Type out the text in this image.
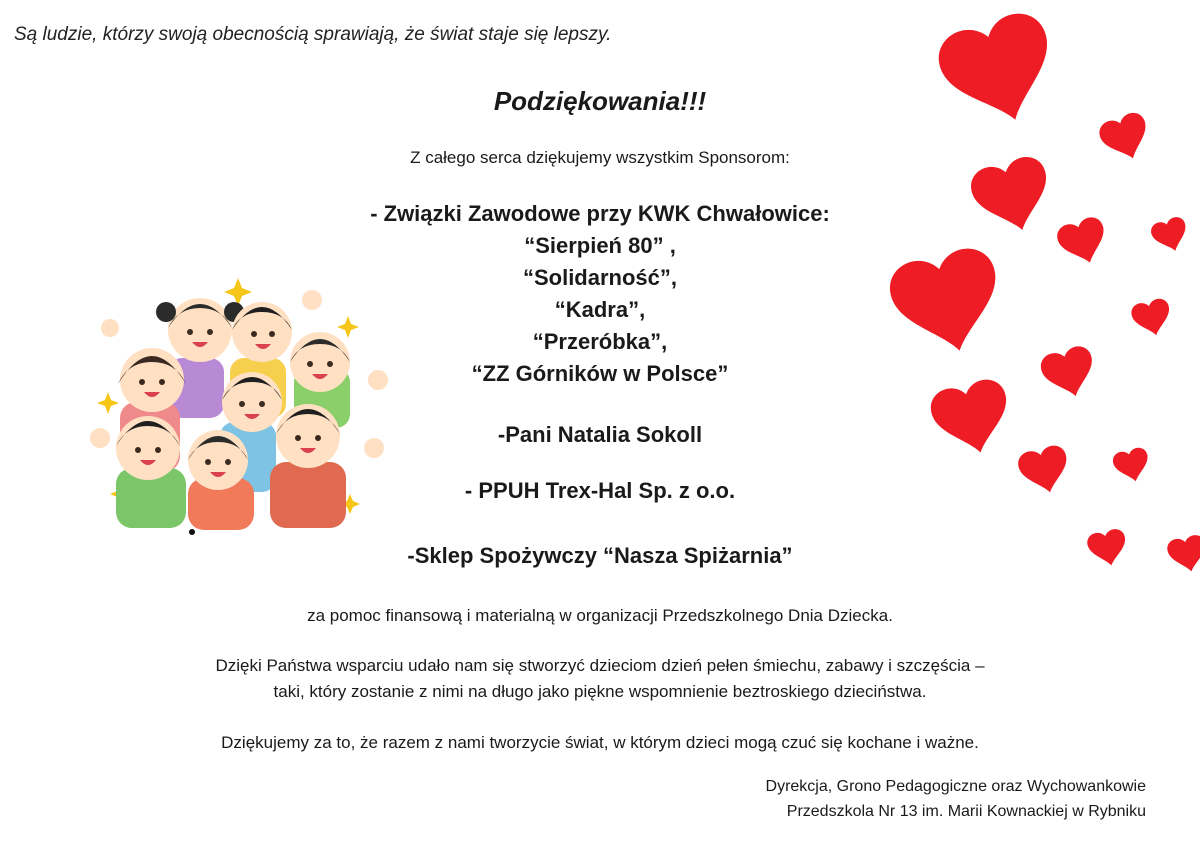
Są ludzie, którzy swoją obecnością sprawiają, że świat staje się lepszy.
Podziękowania!!!
Z całego serca dziękujemy wszystkim Sponsorom:
- Związki Zawodowe przy KWK Chwałowice:
“Sierpień 80” ,
“Solidarność”,
“Kadra”,
“Przeróbka”,
“ZZ Górników w Polsce”
-Pani Natalia Sokoll
- PPUH Trex-Hal Sp. z o.o.
-Sklep Spożywczy “Nasza Spiżarnia”
za pomoc finansową i materialną w organizacji Przedszkolnego Dnia Dziecka.
Dzięki Państwa wsparciu udało nam się stworzyć dzieciom dzień pełen śmiechu, zabawy i szczęścia –
taki, który zostanie z nimi na długo jako piękne wspomnienie beztroskiego dzieciństwa.
Dziękujemy za to, że razem z nami tworzycie świat, w którym dzieci mogą czuć się kochane i ważne.
Dyrekcja, Grono Pedagogiczne oraz Wychowankowie
Przedszkola Nr 13 im. Marii Kownackiej w Rybniku
